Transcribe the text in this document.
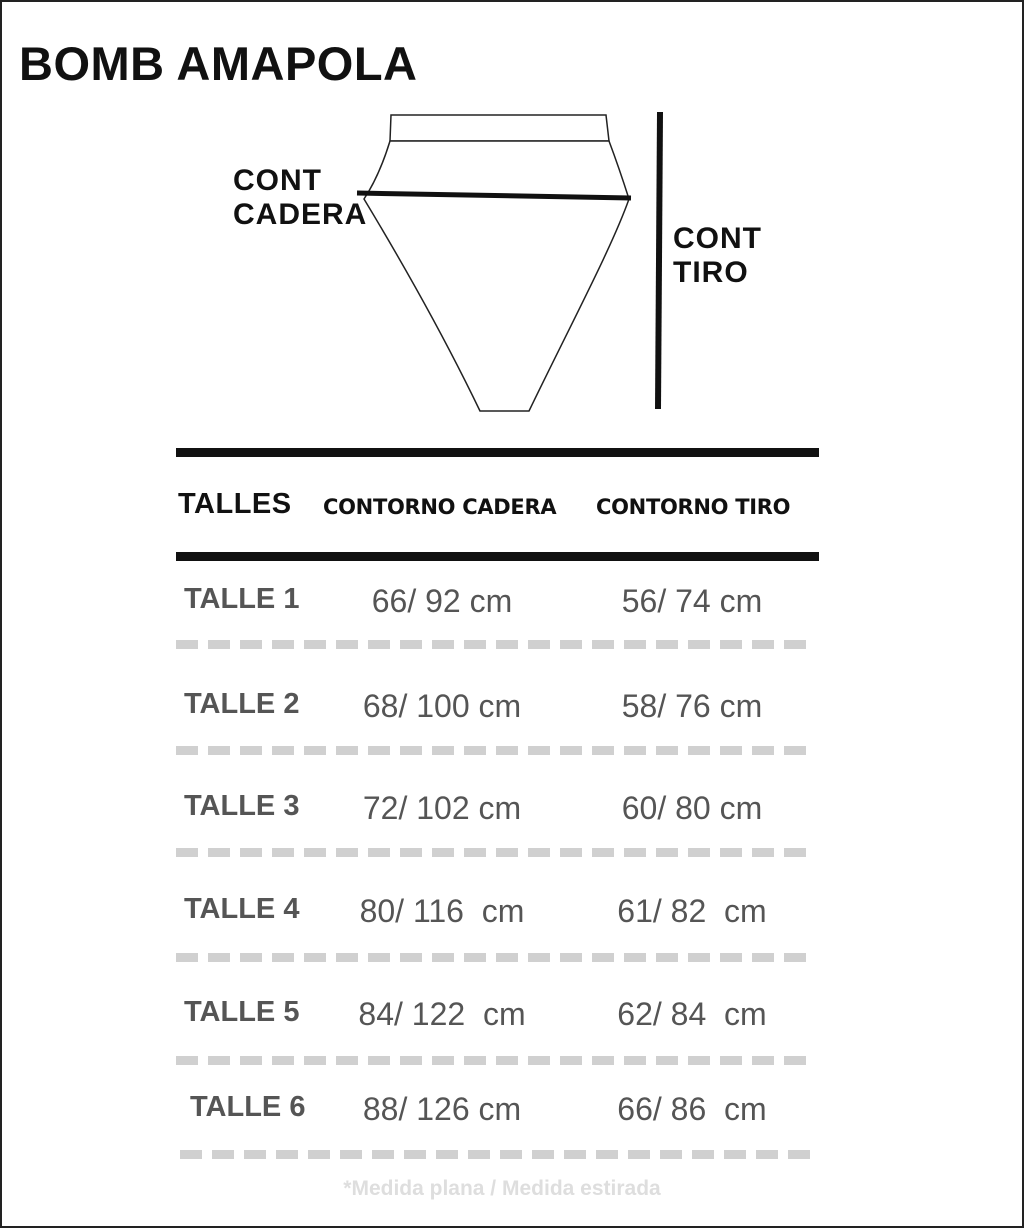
BOMB AMAPOLA
CONT
CADERA
CONT
TIRO
TALLES CONTORNO CADERA CONTORNO TIRO
TALLE 1 66/ 92 cm	56/ 74 cm
TALLE 2 68/ 100 cm	58/ 76 cm
TALLE 3 72/ 102 cm	60/ 80 cm
TALLE 4 80/ 116  cm	61/ 82  cm
TALLE 5 84/ 122  cm	62/ 84  cm
TALLE 6 88/ 126 cm	66/ 86  cm
*Medida plana / Medida estirada
